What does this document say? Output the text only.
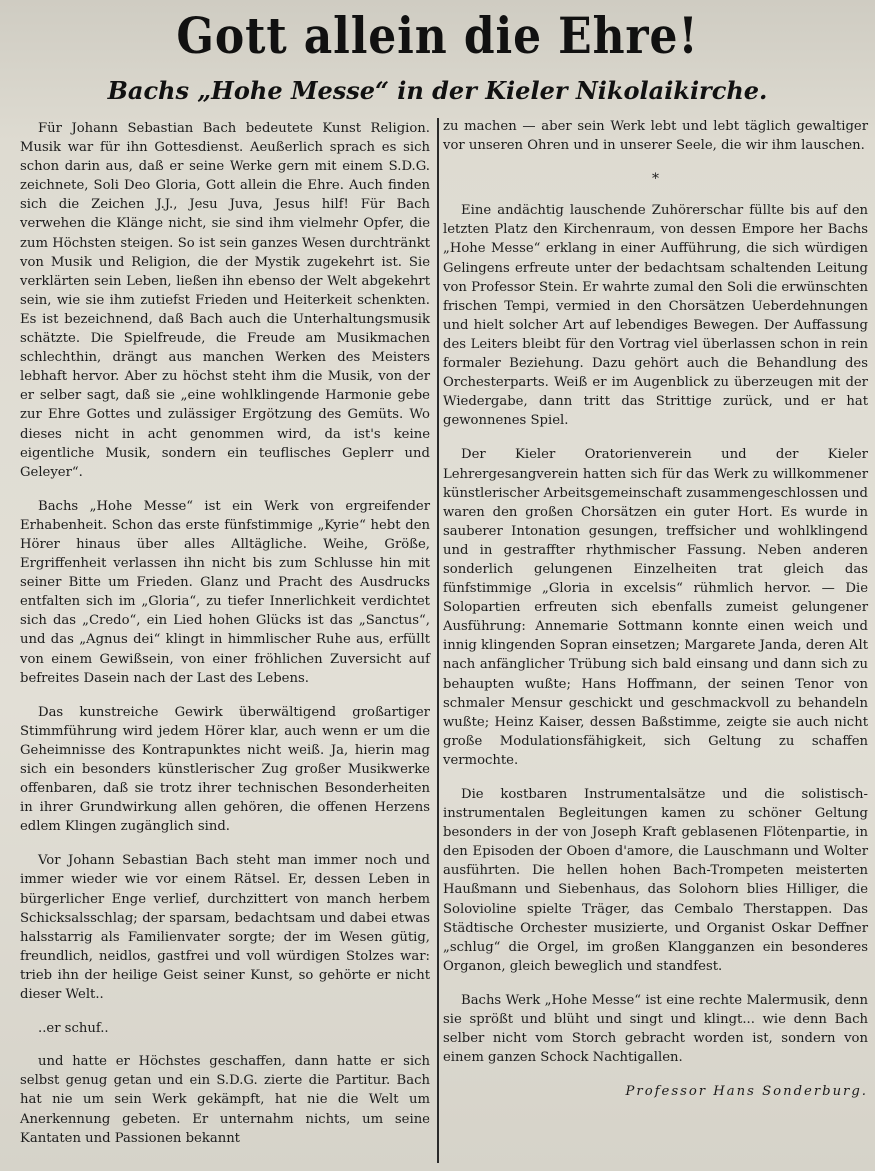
Gott allein die Ehre!
Bachs „Hohe Messe“ in der Kieler Nikolaikirche.

Für Johann Sebastian Bach bedeutete Kunst Religion. Musik war für ihn Gottesdienst. Aeußerlich sprach es sich schon darin aus, daß er seine Werke gern mit einem S.D.G. zeichnete, Soli Deo Gloria, Gott allein die Ehre. Auch finden sich die Zeichen J.J., Jesu Juva, Jesus hilf! Für Bach verwehen die Klänge nicht, sie sind ihm vielmehr Opfer, die zum Höchsten steigen. So ist sein ganzes Wesen durchtränkt von Musik und Religion, die der Mystik zugekehrt ist. Sie verklärten sein Leben, ließen ihn ebenso der Welt abgekehrt sein, wie sie ihm zutiefst Frieden und Heiterkeit schenkten. Es ist bezeichnend, daß Bach auch die Unterhaltungsmusik schätzte. Die Spielfreude, die Freude am Musikmachen schlechthin, drängt aus manchen Werken des Meisters lebhaft hervor. Aber zu höchst steht ihm die Musik, von der er selber sagt, daß sie „eine wohlklingende Harmonie gebe zur Ehre Gottes und zulässiger Ergötzung des Gemüts. Wo dieses nicht in acht genommen wird, da ist's keine eigentliche Musik, sondern ein teuflisches Geplerr und Geleyer“.

Bachs „Hohe Messe“ ist ein Werk von ergreifender Erhabenheit. Schon das erste fünfstimmige „Kyrie“ hebt den Hörer hinaus über alles Alltägliche. Weihe, Größe, Ergriffenheit verlassen ihn nicht bis zum Schlusse hin mit seiner Bitte um Frieden. Glanz und Pracht des Ausdrucks entfalten sich im „Gloria“, zu tiefer Innerlichkeit verdichtet sich das „Credo“, ein Lied hohen Glücks ist das „Sanctus“, und das „Agnus dei“ klingt in himmlischer Ruhe aus, erfüllt von einem Gewißsein, von einer fröhlichen Zuversicht auf befreites Dasein nach der Last des Lebens.

Das kunstreiche Gewirk überwältigend großartiger Stimmführung wird jedem Hörer klar, auch wenn er um die Geheimnisse des Kontrapunktes nicht weiß. Ja, hierin mag sich ein besonders künstlerischer Zug großer Musikwerke offenbaren, daß sie trotz ihrer technischen Besonderheiten in ihrer Grundwirkung allen gehören, die offenen Herzens edlem Klingen zugänglich sind.

Vor Johann Sebastian Bach steht man immer noch und immer wieder wie vor einem Rätsel. Er, dessen Leben in bürgerlicher Enge verlief, durchzittert von manch herbem Schicksalsschlag; der sparsam, bedachtsam und dabei etwas halsstarrig als Familienvater sorgte; der im Wesen gütig, freundlich, neidlos, gastfrei und voll würdigen Stolzes war: trieb ihn der heilige Geist seiner Kunst, so gehörte er nicht dieser Welt..

..er schuf..

und hatte er Höchstes geschaffen, dann hatte er sich selbst genug getan und ein S.D.G. zierte die Partitur. Bach hat nie um sein Werk gekämpft, hat nie die Welt um Anerkennung gebeten. Er unternahm nichts, um seine Kantaten und Passionen bekannt

zu machen — aber sein Werk lebt und lebt täglich gewaltiger vor unseren Ohren und in unserer Seele, die wir ihm lauschen.

*

Eine andächtig lauschende Zuhörerschar füllte bis auf den letzten Platz den Kirchenraum, von dessen Empore her Bachs „Hohe Messe“ erklang in einer Aufführung, die sich würdigen Gelingens erfreute unter der bedachtsam schaltenden Leitung von Professor Stein. Er wahrte zumal den Soli die erwünschten frischen Tempi, vermied in den Chorsätzen Ueberdehnungen und hielt solcher Art auf lebendiges Bewegen. Der Auffassung des Leiters bleibt für den Vortrag viel überlassen schon in rein formaler Beziehung. Dazu gehört auch die Behandlung des Orchesterparts. Weiß er im Augenblick zu überzeugen mit der Wiedergabe, dann tritt das Strittige zurück, und er hat gewonnenes Spiel.

Der Kieler Oratorienverein und der Kieler Lehrergesangverein hatten sich für das Werk zu willkommener künstlerischer Arbeitsgemeinschaft zusammengeschlossen und waren den großen Chorsätzen ein guter Hort. Es wurde in sauberer Intonation gesungen, treffsicher und wohlklingend und in gestraffter rhythmischer Fassung. Neben anderen sonderlich gelungenen Einzelheiten trat gleich das fünfstimmige „Gloria in excelsis“ rühmlich hervor. — Die Solopartien erfreuten sich ebenfalls zumeist gelungener Ausführung: Annemarie Sottmann konnte einen weich und innig klingenden Sopran einsetzen; Margarete Janda, deren Alt nach anfänglicher Trübung sich bald einsang und dann sich zu behaupten wußte; Hans Hoffmann, der seinen Tenor von schmaler Mensur geschickt und geschmackvoll zu behandeln wußte; Heinz Kaiser, dessen Baßstimme, zeigte sie auch nicht große Modulationsfähigkeit, sich Geltung zu schaffen vermochte.

Die kostbaren Instrumentalsätze und die solistisch-instrumentalen Begleitungen kamen zu schöner Geltung besonders in der von Joseph Kraft geblasenen Flötenpartie, in den Episoden der Oboen d'amore, die Lauschmann und Wolter ausführten. Die hellen hohen Bach-Trompeten meisterten Haußmann und Siebenhaus, das Solohorn blies Hilliger, die Solovioline spielte Träger, das Cembalo Therstappen. Das Städtische Orchester musizierte, und Organist Oskar Deffner „schlug“ die Orgel, im großen Klangganzen ein besonderes Organon, gleich beweglich und standfest.

Bachs Werk „Hohe Messe“ ist eine rechte Malermusik, denn sie sprößt und blüht und singt und klingt... wie denn Bach selber nicht vom Storch gebracht worden ist, sondern von einem ganzen Schock Nachtigallen.

Professor Hans Sonderburg.
